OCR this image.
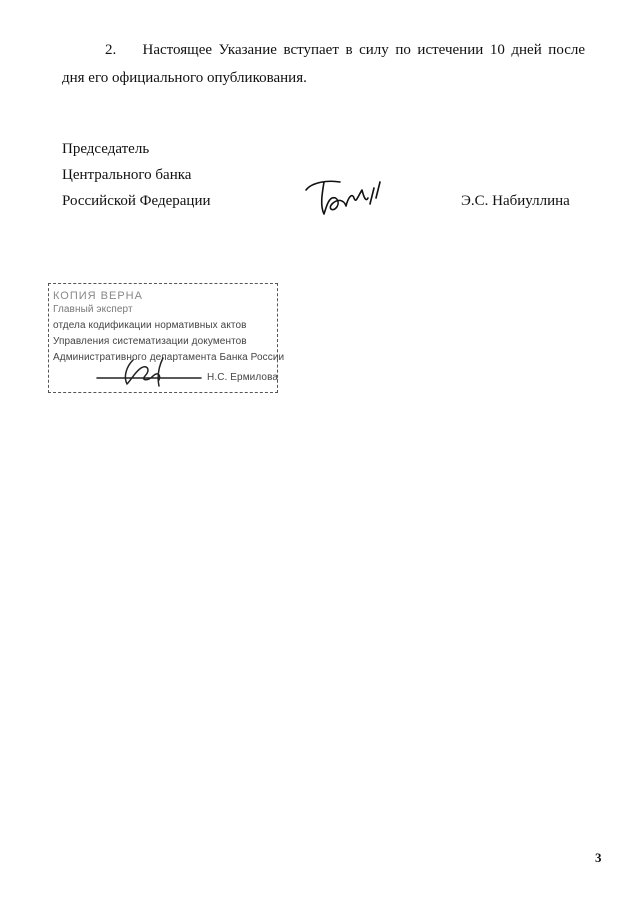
2.    Настоящее Указание вступает в силу по истечении 10 дней после

дня его официального опубликования.

Председатель
Центрального банка
Российской Федерации	Э.С. Набиуллина
КОПИЯ ВЕРНА
Главный эксперт
отдела кодификации нормативных актов
Управления систематизации документов
Административного департамента Банка России
Н.С. Ермилова
3
